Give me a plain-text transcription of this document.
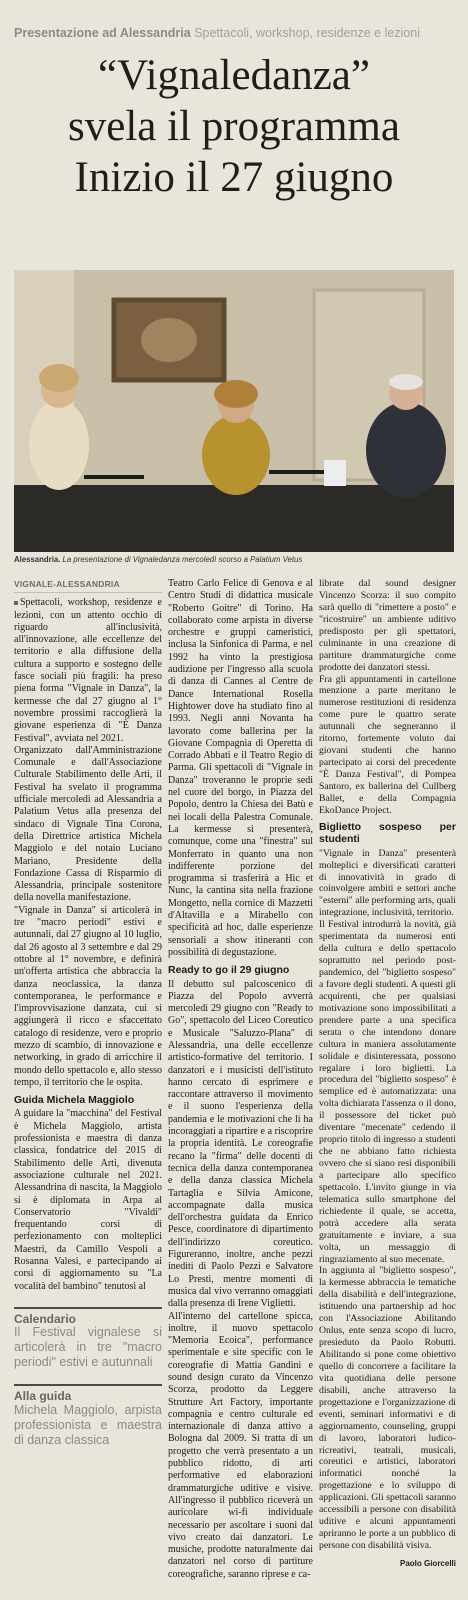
Presentazione ad Alessandria Spettacoli, workshop, residenze e lezioni
“Vignaledanza”
svela il programma
Inizio il 27 giugno
Alessandria. La presentazione di Vignaledanza mercoledì scorso a Palatium Vetus
VIGNALE-ALESSANDRIA

Spettacoli, workshop, residenze e lezioni, con un attento occhio di riguardo all'inclusività, all'innovazione, alle eccellenze del territorio e alla diffusione della cultura a supporto e sostegno delle fasce sociali più fragili: ha preso piena forma "Vignale in Danza", la kermesse che dal 27 giugno al 1° novembre prossimi raccoglierà la giovane esperienza di "È Danza Festival", avviata nel 2021.

Organizzato dall'Amministrazione Comunale e dall'Associazione Culturale Stabilimento delle Arti, il Festival ha svelato il programma ufficiale mercoledì ad Alessandria a Palatium Vetus alla presenza del sindaco di Vignale Tina Corona, della Direttrice artistica Michela Maggiolo e del notaio Luciano Mariano, Presidente della Fondazione Cassa di Risparmio di Alessandria, principale sostenitore della novella manifestazione.

"Vignale in Danza" si articolerà in tre "macro periodi" estivi e autunnali, dal 27 giugno al 10 luglio, dal 26 agosto al 3 settembre e dal 29 ottobre al 1° novembre, e definirà un'offerta artistica che abbraccia la danza neoclassica, la danza contemporanea, le performance e l'improvvisazione danzata, cui si aggiungerà il ricco e sfaccettato catalogo di residenze, vero e proprio mezzo di scambio, di innovazione e networking, in grado di arricchire il mondo dello spettacolo e, allo stesso tempo, il territorio che le ospita.

Guida Michela Maggiolo

A guidare la "macchina" del Festival è Michela Maggiolo, artista professionista e maestra di danza classica, fondatrice del 2015 di Stabilimento delle Arti, divenuta associazione culturale nel 2021. Alessandrina di nascita, la Maggiolo si è diplomata in Arpa al Conservatorio "Vivaldi" frequentando corsi di perfezionamento con molteplici Maestri, da Camillo Vespoli a Rosanna Valesi, e partecipando ai corsi di aggiornamento su "La vocalità del bambino" tenutosi al

Calendario
Il Festival vignalese si articolerà in tre "macro periodi" estivi e autunnali
Alla guida
Michela Maggiolo, arpista professionista e maestra di danza classica

Teatro Carlo Felice di Genova e al Centro Studi di didattica musicale "Roberto Goitre" di Torino. Ha collaborato come arpista in diverse orchestre e gruppi cameristici, inclusa la Sinfonica di Parma, e nel 1992 ha vinto la prestigiosa audizione per l'ingresso alla scuola di danza di Cannes al Centre de Dance International Rosella Hightower dove ha studiato fino al 1993. Negli anni Novanta ha lavorato come ballerina per la Giovane Compagnia di Operetta di Corrado Abbati e il Teatro Regio di Parma. Gli spettacoli di "Vignale in Danza" troveranno le proprie sedi nel cuore del borgo, in Piazza del Popolo, dentro la Chiesa dei Batù e nei locali della Palestra Comunale. La kermesse si presenterà, comunque, come una "finestra" sul Monferrato in quanto una non indifferente porzione del programma si trasferirà a Hic et Nunc, la cantina sita nella frazione Mongetto, nella cornice di Mazzetti d'Altavilla e a Mirabello con specificità ad hoc, dalle esperienze sensoriali a show itineranti con possibilità di degustazione.

Ready to go il 29 giugno

Il debutto sul palcoscenico di Piazza del Popolo avverrà mercoledì 29 giugno con "Ready to Go", spettacolo del Liceo Coreutico e Musicale "Saluzzo-Plana" di Alessandria, una delle eccellenze artistico-formative del territorio. I danzatori e i musicisti dell'istituto hanno cercato di esprimere e raccontare attraverso il movimento e il suono l'esperienza della pandemia e le motivazioni che li ha incoraggiati a ripartire e a riscoprire la propria identità. Le coreografie recano la "firma" delle docenti di tecnica della danza contemporanea e della danza classica Michela Tartaglia e Silvia Amicone, accompagnate dalla musica dell'orchestra guidata da Enrico Pesce, coordinatore di dipartimento dell'indirizzo coreutico. Figureranno, inoltre, anche pezzi inediti di Paolo Pezzi e Salvatore Lo Presti, mentre momenti di musica dal vivo verranno omaggiati dalla presenza di Irene Viglietti.

All'interno del cartellone spicca, inoltre, il nuovo spettacolo "Memoria Ecoica", performance sperimentale e site specific con le coreografie di Mattia Gandini e sound design curato da Vincenzo Scorza, prodotto da Leggere Strutture Art Factory, importante compagnia e centro culturale ed internazionale di danza attivo a Bologna dal 2009. Si tratta di un progetto che verrà presentato a un pubblico ridotto, di arti performative ed elaborazioni drammaturgiche uditive e visive. All'ingresso il pubblico riceverà un auricolare wi-fi individuale necessario per ascoltare i suoni dal vivo creato dai danzatori. Le musiche, prodotte naturalmente dai danzatori nel corso di partiture coreografiche, saranno riprese e ca-

librate dal sound designer Vincenzo Scorza: il suo compito sarà quello di "rimettere a posto" e "ricostruire" un ambiente uditivo predisposto per gli spettatori, culminante in una creazione di partiture drammaturgiche come prodotte dei danzatori stessi.

Fra gli appuntamenti in cartellone menzione a parte meritano le numerose restituzioni di residenza come pure le quattro serate autunnali che segneranno il ritorno, fortemente voluto dai giovani studenti che hanno partecipato ai corsi del precedente "È Danza Festival", di Pompea Santoro, ex ballerina del Cullberg Ballet, e della Compagnia EkoDance Project.

Biglietto sospeso per studenti

"Vignale in Danza" presenterà molteplici e diversificati caratteri di innovatività in grado di coinvolgere ambiti e settori anche "esterni" alle performing arts, quali integrazione, inclusività, territorio.

Il Festival introdurrà la novità, già sperimentata da numerosi enti della cultura e dello spettacolo soprattutto nel periodo post-pandemico, del "biglietto sospeso" a favore degli studenti. A questi gli acquirenti, che per qualsiasi motivazione sono impossibilitati a prendere parte a una specifica serata o che intendono donare cultura in maniera assolutamente solidale e disinteressata, possono regalare i loro biglietti. La procedura del "biglietto sospeso" è semplice ed è automatizzata: una volta dichiarata l'assenza o il dono, il possessore del ticket può diventare "mecenate" cedendo il proprio titolo di ingresso a studenti che ne abbiano fatto richiesta ovvero che si siano resi disponibili a partecipare allo specifico spettacolo. L'invito giunge in via telematica sullo smartphone del richiedente il quale, se accetta, potrà accedere alla serata gratuitamente e inviare, a sua volta, un messaggio di ringraziamento al suo mecenate.

In aggiunta al "biglietto sospeso", la kermesse abbraccia le tematiche della disabilità e dell'integrazione, istituendo una partnership ad hoc con l'Associazione Abilitando Onlus, ente senza scopo di lucro, presieduto da Paolo Robutti. Abilitando si pone come obiettivo quello di concorrere a facilitare la vita quotidiana delle persone disabili, anche attraverso la progettazione e l'organizzazione di eventi, seminari informativi e di aggiornamento, counseling, gruppi di lavoro, laboratori ludico-ricreativi, teatrali, musicali, coreutici e artistici, laboratori informatici nonché la progettazione e lo sviluppo di applicazioni. Gli spettacoli saranno accessibili a persone con disabilità uditive e alcuni appuntamenti apriranno le porte a un pubblico di persone con disabilità visiva.

Paolo Giorcelli
